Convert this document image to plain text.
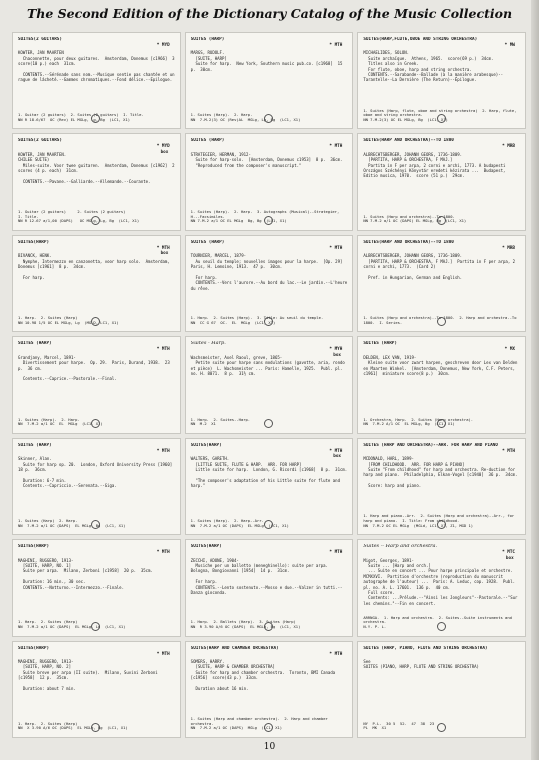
The Second Edition of the Dictionary Catalog of the Music Collection
SUITES(2 GUITARS)
* MYD
KOWTER, JAN MAARTEN
Chaconnette, pour deux guitares.  Amsterdam, Donemus [c1966]  3 score(10 p.) each  31cm.

CONTENTS.--Sérénade sans nom.--Musique sentie pas chantée et un rague de lâcheté.--Gammes chromatiques.--Fond délice.--Epilogue.
1. Guitar (2 guitars)  2. Suites (2 guitars)  I. Title.
NN R 18.6/67  OC (Rev) EL MGLg, Lg, Bg  (LC1, X1)
SUITES (HARP)
* MTH
MARGS, RUDOLF.
[SUITE, HARP]
Suite for harp.  New York, Southern music pub.co. [c1968]  15 p.  30cm.
1. Suites (Harp).  2. Harp.
NN  7.M.2(3) OC (Rev)AL  MGLg, Lg, Bg  (LC1, X1)
SUITES(HARP,FLUTE,OBOE AND STRING ORCHESTRA)
* MW
MICHAELIDES, SOLON.
Suite archaïque.  Athens, 1965.  score(69 p.)  34cm.
Titles also in Greek.
For flute, oboe, harp and string orchestra.
CONTENTS.--Sarabande--Ballade (à la manière arabesque)--Tarantelle--La Dernière (The Return)--Épilogue.
1. Suites (Harp, flute, oboe and string orchestra)  2. Harp, flute, oboe and string orchestra.
NN 7.M.2(3) OC EL MGLg, Bg  (LC1, X1)
SUITES(2 GUITARS)
* MYD
box
KOWTER, JAN MAARTEN.
CHILEE SUITE)
Miles-suite. Voor twee guitaren.  Amsterdam, Donemus [c1962]  2 scores (4 p. each)  31cm.

CONTENTS.--Pavane.--Galliarde.--Allemande.--Courante.
1. Guitar (2 guitars)     2. Suites (2 guitars)
I. Title.
NN R 12.67 a/1,00 (DAPS)   OC MGLg, Lg, Bg  (LC1, X1)
SUITES (HARP)
* MTH
STRATEGIER, HERMAN, 1912-
Suite for harp-solo.  [Amsterdam, Donemus c1953]  8 p.  36cm.
"Reproduced from the composer's manuscript."
1. Suites (Harp).  2. Harp.  3. Autographs (Musical)--Strategier, H.--Facsimiles.
NN 7.M.2 a/1 OC EL MGLg  Bg, Bg  (LC1, X1)
SUITES(HARP AND ORCHESTRA)--TO 1800
* MRB
ALBRECHTSBERGER, JOHANN GEORG, 1736-1809.
[PARTITA, HARP & ORCHESTRA, F MAJ.]
Partita in F per arpa, 2 corni e archi, 1773. A budapesti Országos Széchényi Könyvtár eredeti kézirata ...  Budapest, Editio musica, 1970.  score (51 p.)  29cm.
1. Suites (Harp and orchestra)--To 1800.
NN 7.M.2 a/1 OC (DAPS) EL MGLg, Bg  (LC1, X1)
SUITES(HARP)
* MTH
box
BIVANCK, HENK.
Nymphe, Intermezzo en canzonetta, voor harp solo.  Amsterdam, Donemus [c1961]  8 p.  34cm.

For harp.
1. Harp.  2. Suites (Harp)
NN 10.98 1/5 OC EL MGLg, Lg  (MGLD, LC1, X1)
SUITES (HARP)
* MTH
TOURNIER, MARCEL, 1879-
Au seuil du temple; nouvelles images pour la harpe.  [Op. 29] Paris, H. Lemoine, 1913.  47 p.  30cm.

For harp.
CONTENTS.--Vers l'aurore.--Au bord du lac.--Le jardin.--L'heure du rêve.
1. Harp.  2. Suites (Harp).  3. Title: Au seuil du temple.
NN  CC G 67  OC.  EL  MGLg  (LC1, X1)
SUITES(HARP AND ORCHESTRA)--TO 1800
* MRB
ALBRECHTSBERGER, JOHANN GEORG, 1736-1809.
[PARTITA, HARP & ORCHESTRA, F MAJ.]  Partita in F per arpa, 2 corni e archi, 1773.  (Card 2)

Pref. in Hungarian, German and English.
1. Suites (Harp and orchestra)--To 1800.  2. Harp and orchestra--To 1800.  I. Series.
SUITES (HARP)
* MTH
Grandjany, Marcel, 1891-
Divertissement pour harpe.  Op. 29.  Paris, Durand, 1938.  23 p.  36 cm.

Contents.--Caprice.--Pastorale.--Final.
1. Suites (Harp).  2. Harp.
NN  7.M.2 a/1 OC  EL  MGLg  (LC1, X1)
Suites - Harp.
* MYH
box
Wachsmeister, Axel Raoul, greve, 1865-
Petite suite pour harpe sans modulations (gavotte, aria, rondo et pièce)  L. Wachsmeister ... Paris: Hamelle, 1925.  Publ. pl. no. H. 8071.  8 p.  31½ cm.
1. Harp.  2. Suites--Harp.
NN  M.2  X1
SUITES (HARP)
* MX
DELDEN, LEX VAN, 1919-
Kleine suite voor zwart harpen, geschreven door Lex van Delden en Maarten Winkel.  [Amsterdam, Donemus, New York, C.F. Peters, c1961]  miniature score(8 p.)  30cm.
1. Orchestra, Harp.  2. Suites (Harp orchestra).
NN  7.M.2 A/1 OC  EL MGLg, Bg  (LC1, X1)
SUITES (HARP)
* MTH
Skinner, Alan.
Suite for harp op. 20.  London, Oxford University Press [1960]  18 p.  36cm.

Duration: 6-7 min.
Contents.--Capriccio.--Serenata.--Giga.
1. Suites (Harp)  2. Harp.
NN  7.M.2 a/1 OC (DAPS)  EL MGLg, Bg  (LC1, X1)
SUITES(HARP)
* MTH
box
WALTERS, GARETH.
[LITTLE SUITE, FLUTE & HARP.  ARR. FOR HARP]
Little suite for harp.  London, G. Ricordi [c1968]  8 p.  31cm.

"The composer's adaptation of his Little suite for flute and harp."
1. Suites (Harp).  2. Harp--Arr.
NN  7.M.2 a/1 OC (DAPS)  EL MGLg  (LC1, X1)
SUITES (HARP AND ORCHESTRA)--ARR. FOR HARP AND PIANO
* MTH
MCDONALD, HARL, 1899-
[FROM CHILDHOOD.  ARR. FOR HARP & PIANO]
Suite "From childhood" for harp and orchestra. Re-duction for harp and piano.  Philadelphia, Elkan-Vogel [c1940]  36 p.  34cm.

Score: harp and piano.
1. Harp and piano--Arr.  2. Suites (Harp and orchestra)--Arr., for harp and piano.  I. Title: From childhood.
NN  7.M.2 OC EL MGLg  (MGLd, LC1, X1, Z1, MGD 1)
SUITES(HARP)
* MTH
MAGHINI, RUGGERO, 1913-
[SUITE, HARP, NO. 1]
Suite per arpa.  Milano, Zerboni [c1958]  20 p.  35cm.

Duration: 16 min., 30 sec.
CONTENTS.--Notturno.--Intermezzo.--Finale.
1. Harp.  2. Suites (Harp)
NN  7.M.2 a/1 OC (DAPS)  EL MGLg, Lg  (LC1, X1)
SUITES(HARP)
* MTH
ZECCHI, ADONE, 1904-
Musiche per un balletto (meneghinello): suite per arpa.  Bologna, Bongiovanni [1954]  14 p.  31cm.

For harp.
CONTENTS.--Lento sostenuto.--Mosso e due.--Valzer in tutti.--Danza gioconda.
1. Harp.  2. Ballets (Harp).  3. Suites (Harp)
NN  R 3.90 A/6 OC (DAPS)  EL MGLg, Bg  (LC1, X1)
Suites -- Harp and orchestra.
* MTC
box
Migot, Georges, 1891-
Suite ... [Harp and orch.]
... Suite en concert ... Pour harpe principale et orchestre.  MCMXXVI.  Partition d'orchestre (reproduction du manuscrit autographe de l'auteur) ...  Paris: A. Leduc, cop. 1928.  Publ. pl. no. A. L. 17601.  136 p.  40 cm.
Full score.
Contents: ...Prélude.--"Ainsi les Jongleurs"--Pastorale.--"Sur les chemins."--Fin en concert.
ARRNGA.  1. Harp and orchestra.  2. Suites--Suite instruments and orchestra.
N.Y. P. L.
SUITES(HARP)
* MTH
MAGHINI, RUGGERO, 1913-
[SUITE, HARP, NO. 2]
Suite breve per arpa (II suite).  Milano, Suvini Zerboni [c1958]  12 p.  35cm.

Duration: about 7 min.
1. Harp.  2. Suites (Harp)
NN  X 3.90 A/6 OC (DAPS)  EL MGLg, Bg  (LC1, X1)
SUITES(HARP AND CHAMBER ORCHESTRA)
* MTH
SOMERS, HARRY.
[SUITE, HARP & CHAMBER ORCHESTRA]
Suite for harp and chamber orchestra.  Toronto, BMI Canada [c1956]  score(43 p.)  33cm.

Duration about 16 min.
1. Suites (Harp and chamber orchestra).  2. Harp and chamber orchestra.
NN  7.M.2 a/1 OC (DAPS)  MGLg  (LC1, X1)
SUITES (HARP, PIANO, FLUTE AND STRING ORCHESTRA)
See
SUITES (PIANO, HARP, FLUTE AND STRING ORCHESTRA)
NY  P.L.  30 5  52.  47  38  23
PL  MK  X1
10
